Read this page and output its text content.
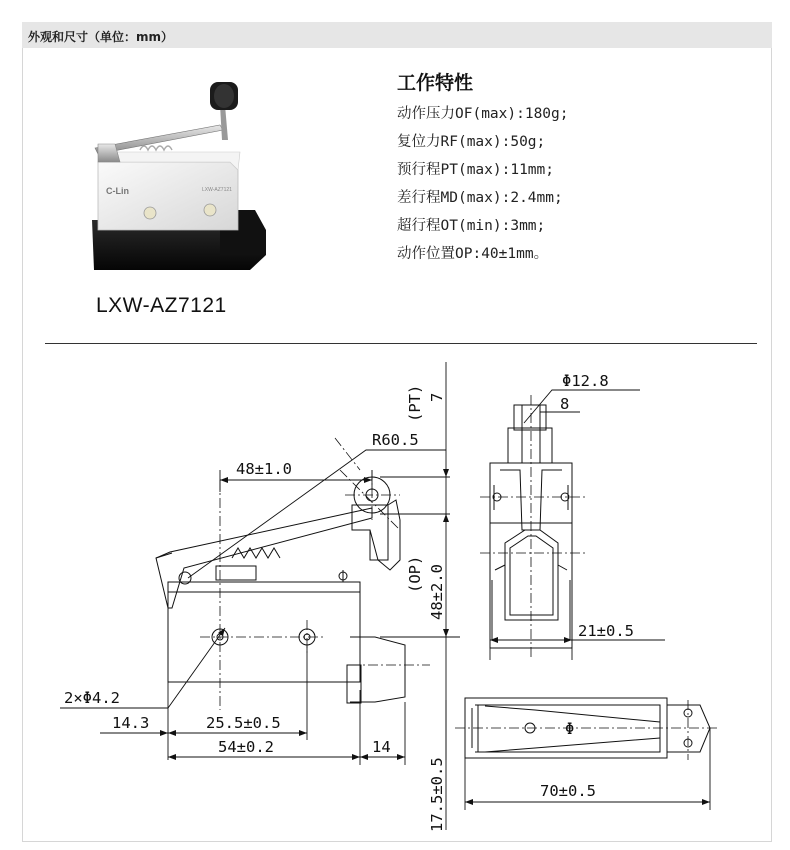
外观和尺寸（单位：mm）
C-Lin	LXW-AZ7121
LXW-AZ7121
工作特性
动作压力OF(max):180g;
复位力RF(max):50g;
预行程PT(max):11mm;
差行程MD(max):2.4mm;
超行程OT(min):3mm;
动作位置OP:40±1mm。
48±1.0
R60.5
(PT) 7
(OP) 48±2.0
2×Φ4.2
14.3	25.5±0.5
54±0.2	14
17.5±0.5
Φ12.8
8
21±0.5
70±0.5
Φ
